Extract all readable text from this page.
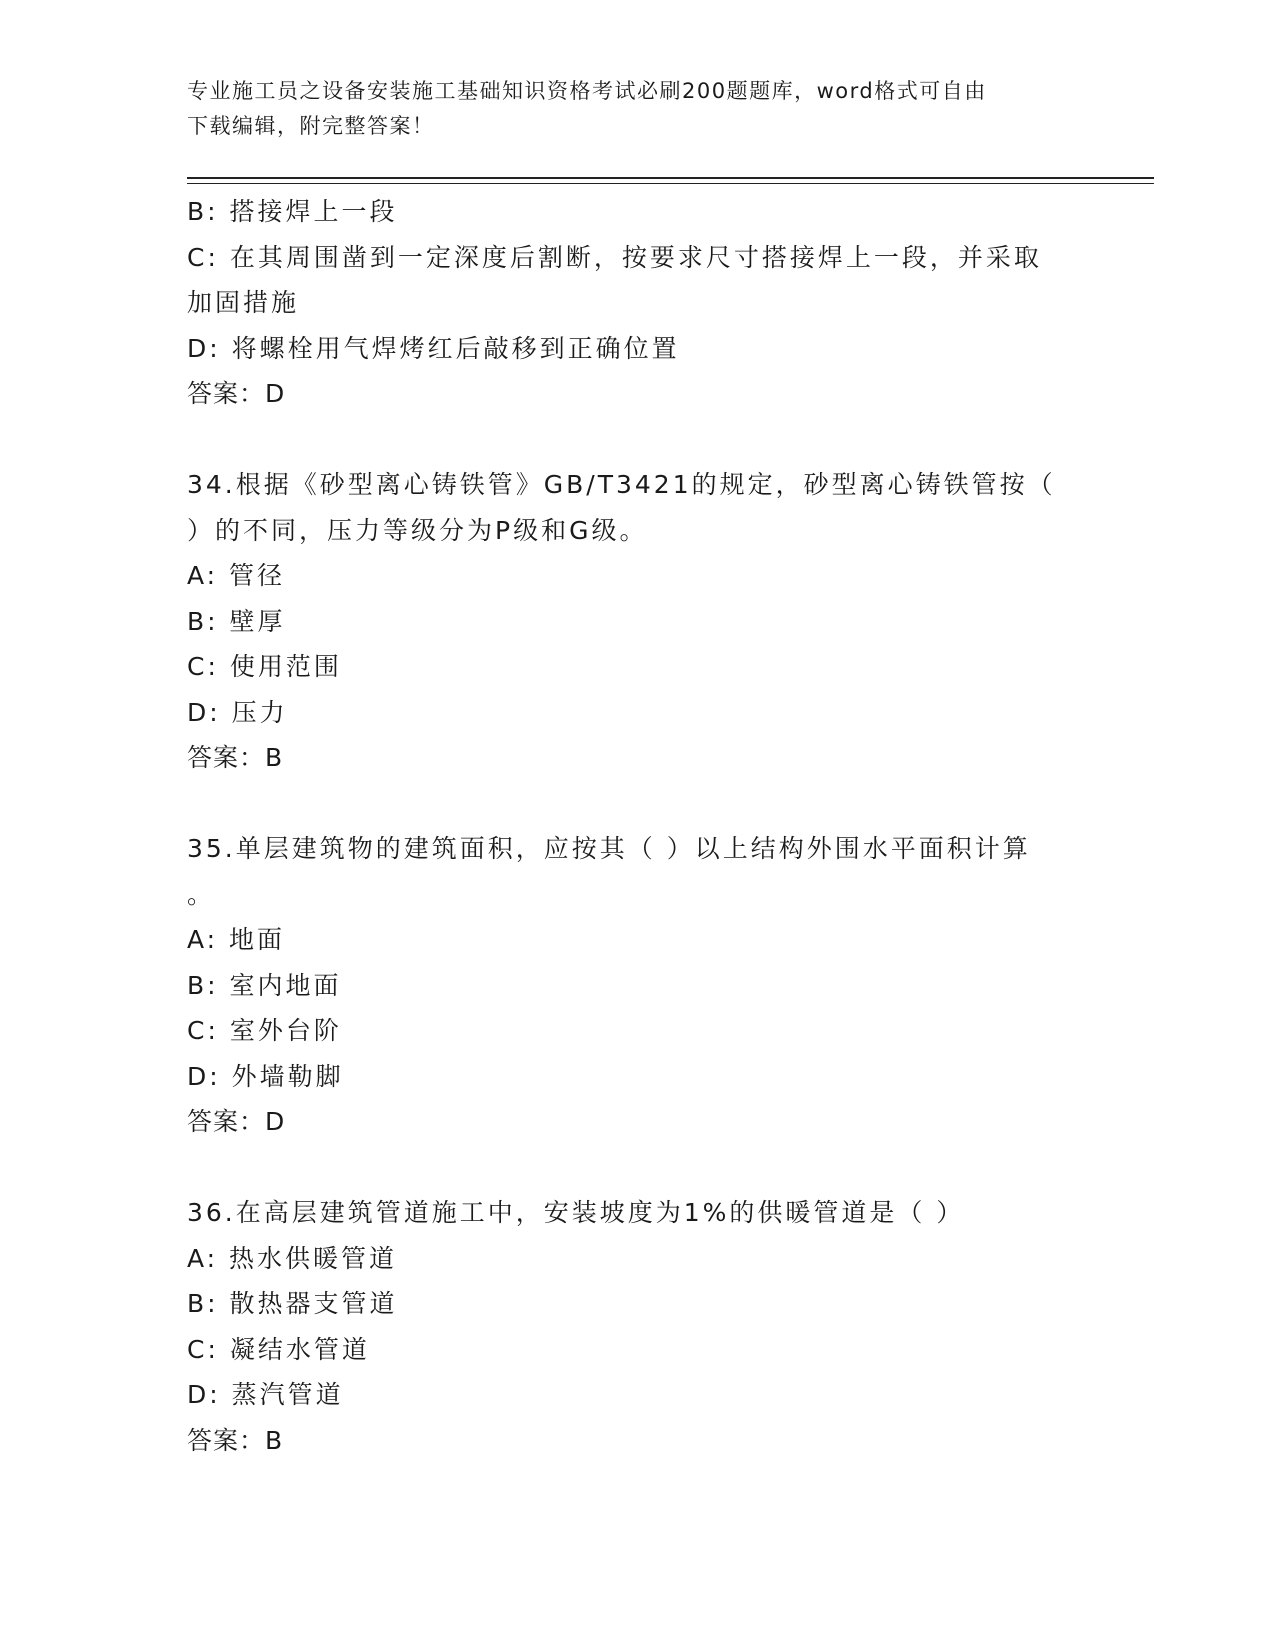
专业施工员之设备安装施工基础知识资格考试必刷200题题库，word格式可自由
下载编辑，附完整答案！
B: 搭接焊上一段
C: 在其周围凿到一定深度后割断，按要求尺寸搭接焊上一段，并采取
加固措施
D: 将螺栓用气焊烤红后敲移到正确位置
答案：D
34.根据《砂型离心铸铁管》GB/T3421的规定，砂型离心铸铁管按（
）的不同，压力等级分为P级和G级。
A: 管径
B: 壁厚
C: 使用范围
D: 压力
答案：B
35.单层建筑物的建筑面积，应按其（ ）以上结构外围水平面积计算
。
A: 地面
B: 室内地面
C: 室外台阶
D: 外墙勒脚
答案：D
36.在高层建筑管道施工中，安装坡度为1%的供暖管道是（ ）
A: 热水供暖管道
B: 散热器支管道
C: 凝结水管道
D: 蒸汽管道
答案：B
